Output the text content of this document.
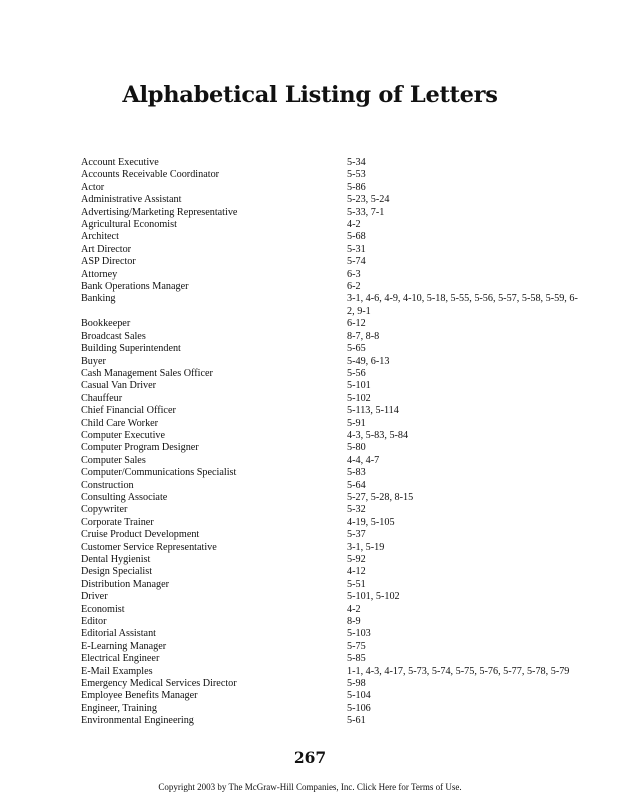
Alphabetical Listing of Letters
Account Executive	5-34
Accounts Receivable Coordinator	5-53
Actor	5-86
Administrative Assistant	5-23, 5-24
Advertising/Marketing Representative	5-33, 7-1
Agricultural Economist	4-2
Architect	5-68
Art Director	5-31
ASP Director	5-74
Attorney	6-3
Bank Operations Manager	6-2
Banking	3-1, 4-6, 4-9, 4-10, 5-18, 5-55, 5-56, 5-57, 5-58, 5-59, 6-2, 9-1
Bookkeeper	6-12
Broadcast Sales	8-7, 8-8
Building Superintendent	5-65
Buyer	5-49, 6-13
Cash Management Sales Officer	5-56
Casual Van Driver	5-101
Chauffeur	5-102
Chief Financial Officer	5-113, 5-114
Child Care Worker	5-91
Computer Executive	4-3, 5-83, 5-84
Computer Program Designer	5-80
Computer Sales	4-4, 4-7
Computer/Communications Specialist	5-83
Construction	5-64
Consulting Associate	5-27, 5-28, 8-15
Copywriter	5-32
Corporate Trainer	4-19, 5-105
Cruise Product Development	5-37
Customer Service Representative	3-1, 5-19
Dental Hygienist	5-92
Design Specialist	4-12
Distribution Manager	5-51
Driver	5-101, 5-102
Economist	4-2
Editor	8-9
Editorial Assistant	5-103
E-Learning Manager	5-75
Electrical Engineer	5-85
E-Mail Examples	1-1, 4-3, 4-17, 5-73, 5-74, 5-75, 5-76, 5-77, 5-78, 5-79
Emergency Medical Services Director	5-98
Employee Benefits Manager	5-104
Engineer, Training	5-106
Environmental Engineering	5-61
267
Copyright 2003 by The McGraw-Hill Companies, Inc. Click Here for Terms of Use.
